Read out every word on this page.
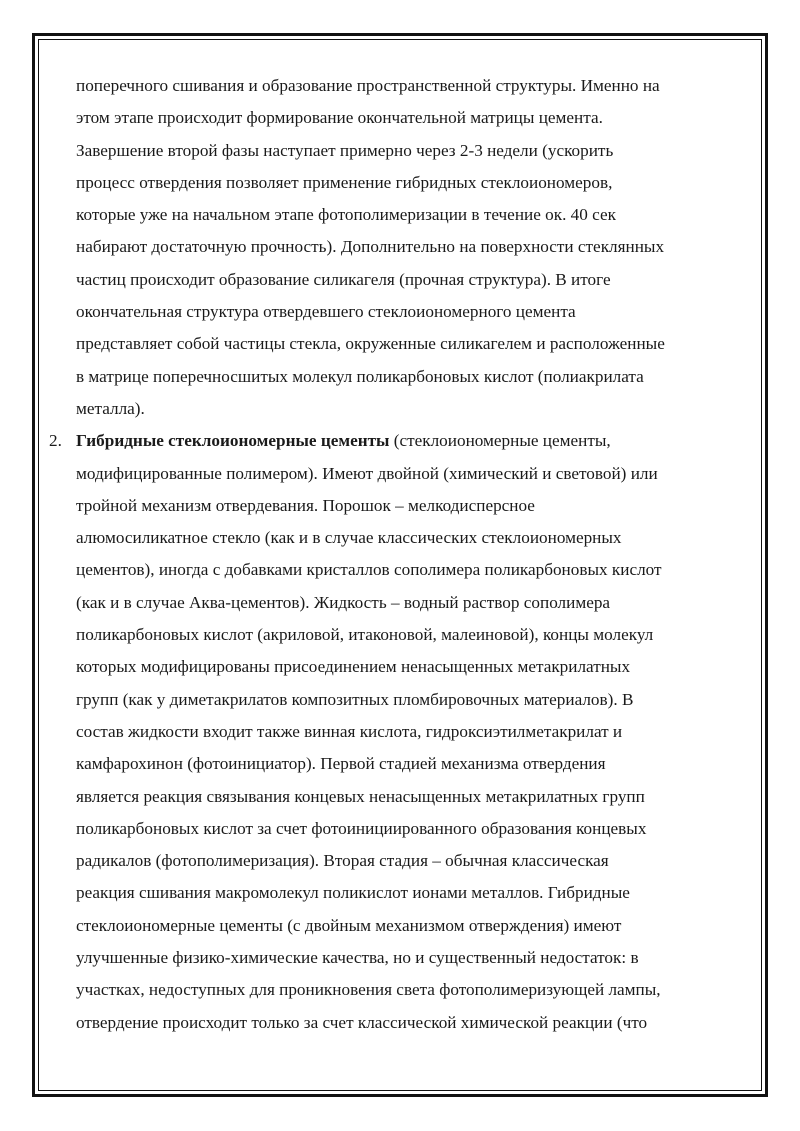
поперечного сшивания и образование пространственной структуры. Именно на
этом этапе происходит формирование окончательной матрицы цемента.
Завершение второй фазы наступает примерно через 2-3 недели (ускорить
процесс отвердения позволяет применение гибридных стеклоиономеров,
которые уже на начальном этапе фотополимеризации в течение ок. 40 сек
набирают достаточную прочность). Дополнительно на поверхности стеклянных
частиц происходит образование силикагеля (прочная структура). В итоге
окончательная структура отвердевшего стеклоиономерного цемента
представляет собой частицы стекла, окруженные силикагелем и расположенные
в матрице поперечносшитых молекул поликарбоновых кислот (полиакрилата
металла).

2. Гибридные стеклоиономерные цементы (стеклоиономерные цементы,
модифицированные полимером). Имеют двойной (химический и световой) или
тройной механизм отвердевания. Порошок – мелкодисперсное
алюмосиликатное стекло (как и в случае классических стеклоиономерных
цементов), иногда с добавками кристаллов сополимера поликарбоновых кислот
(как и в случае Аква-цементов). Жидкость – водный раствор сополимера
поликарбоновых кислот (акриловой, итаконовой, малеиновой), концы молекул
которых модифицированы присоединением ненасыщенных метакрилатных
групп (как у диметакрилатов композитных пломбировочных материалов). В
состав жидкости входит также винная кислота, гидроксиэтилметакрилат и
камфарохинон (фотоинициатор). Первой стадией механизма отвердения
является реакция связывания концевых ненасыщенных метакрилатных групп
поликарбоновых кислот за счет фотоинициированного образования концевых
радикалов (фотополимеризация). Вторая стадия – обычная классическая
реакция сшивания макромолекул поликислот ионами металлов. Гибридные
стеклоиономерные цементы (с двойным механизмом отверждения) имеют
улучшенные физико-химические качества, но и существенный недостаток: в
участках, недоступных для проникновения света фотополимеризующей лампы,
отвердение происходит только за счет классической химической реакции (что
